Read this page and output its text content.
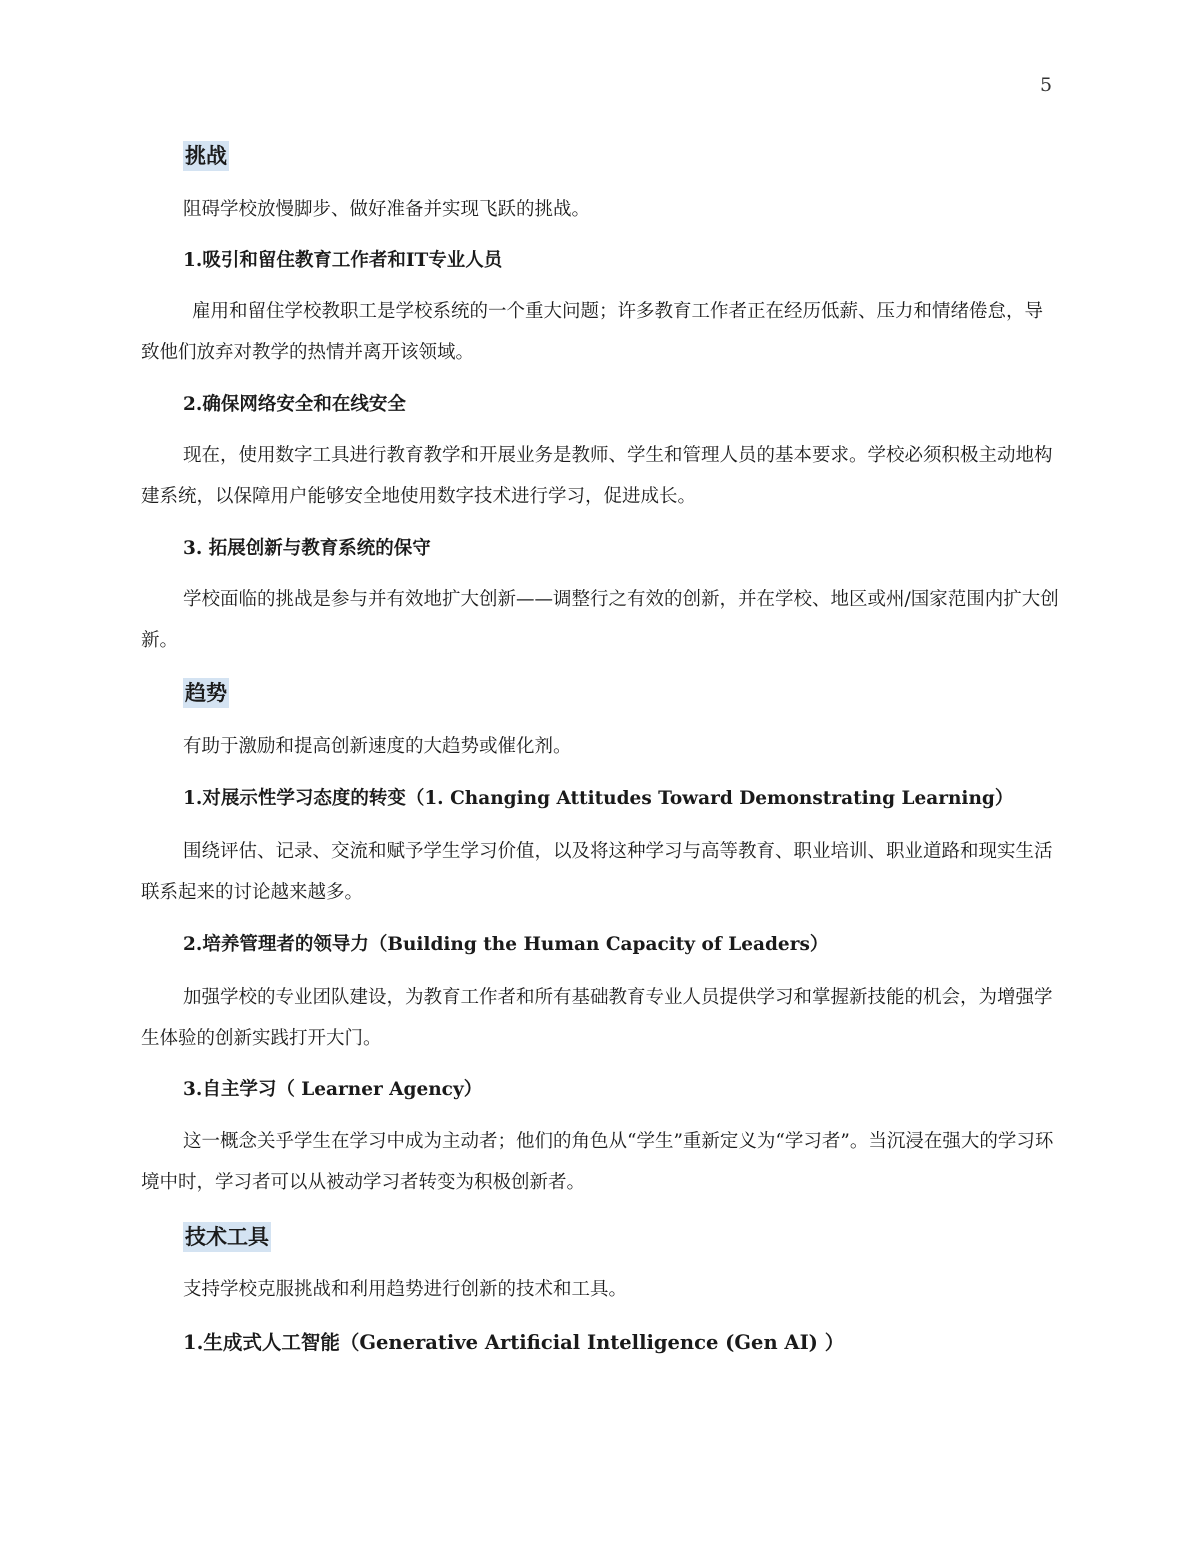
5
挑战
阻碍学校放慢脚步、做好准备并实现飞跃的挑战。
1.吸引和留住教育工作者和IT专业人员
雇用和留住学校教职工是学校系统的一个重大问题；许多教育工作者正在经历低薪、压力和情绪倦怠，导致他们放弃对教学的热情并离开该领域。
2.确保网络安全和在线安全
现在，使用数字工具进行教育教学和开展业务是教师、学生和管理人员的基本要求。学校必须积极主动地构建系统，以保障用户能够安全地使用数字技术进行学习，促进成长。
3. 拓展创新与教育系统的保守
学校面临的挑战是参与并有效地扩大创新——调整行之有效的创新，并在学校、地区或州/国家范围内扩大创新。
趋势
有助于激励和提高创新速度的大趋势或催化剂。
1.对展示性学习态度的转变（1. Changing Attitudes Toward Demonstrating Learning）
围绕评估、记录、交流和赋予学生学习价值，以及将这种学习与高等教育、职业培训、职业道路和现实生活联系起来的讨论越来越多。
2.培养管理者的领导力（Building the Human Capacity of Leaders）
加强学校的专业团队建设，为教育工作者和所有基础教育专业人员提供学习和掌握新技能的机会，为增强学生体验的创新实践打开大门。
3.自主学习（ Learner Agency）
这一概念关乎学生在学习中成为主动者；他们的角色从“学生”重新定义为“学习者”。当沉浸在强大的学习环境中时，学习者可以从被动学习者转变为积极创新者。
技术工具
支持学校克服挑战和利用趋势进行创新的技术和工具。
1.生成式人工智能（Generative Artificial Intelligence (Gen AI) ）
